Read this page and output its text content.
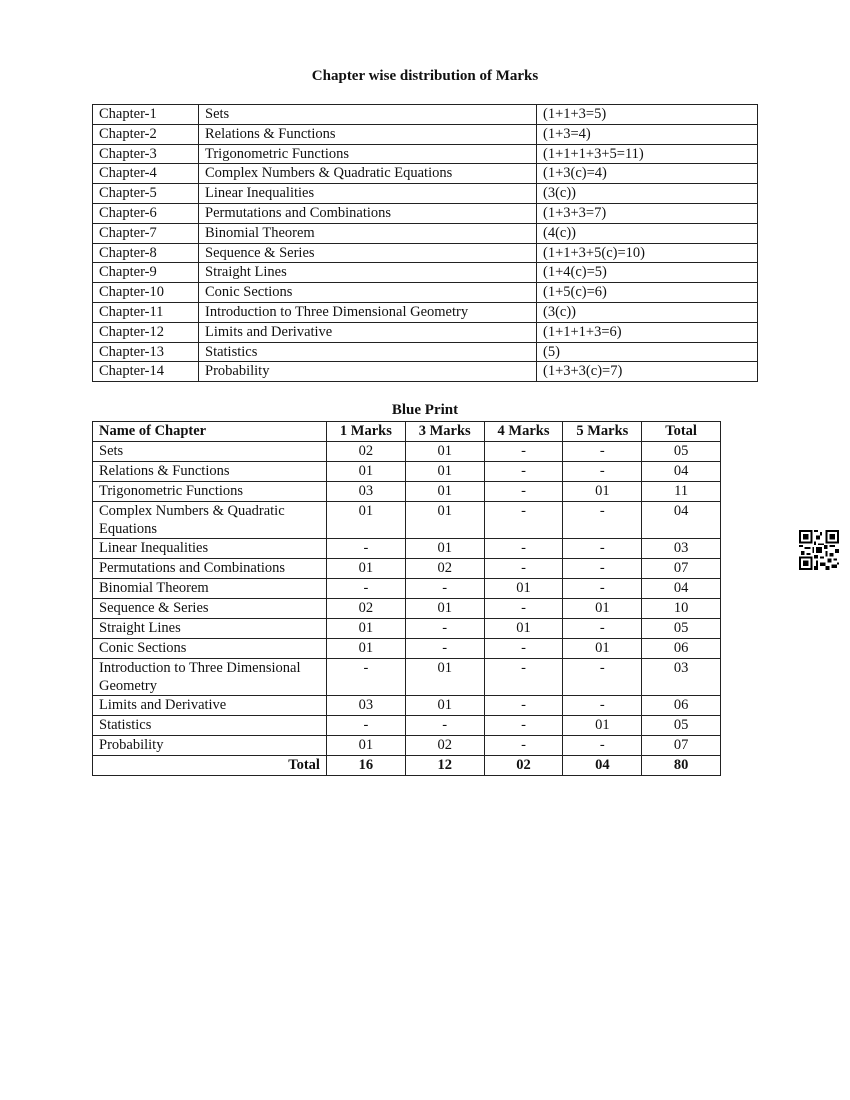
Chapter wise distribution of Marks
Chapter-1	Sets	(1+1+3=5)
Chapter-2	Relations & Functions	(1+3=4)
Chapter-3	Trigonometric Functions	(1+1+1+3+5=11)
Chapter-4	Complex Numbers & Quadratic Equations	(1+3(c)=4)
Chapter-5	Linear Inequalities	(3(c))
Chapter-6	Permutations and Combinations	(1+3+3=7)
Chapter-7	Binomial Theorem	(4(c))
Chapter-8	Sequence & Series	(1+1+3+5(c)=10)
Chapter-9	Straight Lines	(1+4(c)=5)
Chapter-10	Conic Sections	(1+5(c)=6)
Chapter-11	Introduction to Three Dimensional Geometry	(3(c))
Chapter-12	Limits and Derivative	(1+1+1+3=6)
Chapter-13	Statistics	(5)
Chapter-14	Probability	(1+3+3(c)=7)
Blue Print
Name of Chapter	1 Marks	3 Marks	4 Marks	5 Marks	Total
Sets	02	01	-	-	05
Relations & Functions	01	01	-	-	04
Trigonometric Functions	03	01	-	01	11
Complex Numbers & Quadratic Equations	01	01	-	-	04
Linear Inequalities	-	01	-	-	03
Permutations and Combinations	01	02	-	-	07
Binomial Theorem	-	-	01	-	04
Sequence & Series	02	01	-	01	10
Straight Lines	01	-	01	-	05
Conic Sections	01	-	-	01	06
Introduction to Three Dimensional Geometry	-	01	-	-	03
Limits and Derivative	03	01	-	-	06
Statistics	-	-	-	01	05
Probability	01	02	-	-	07
Total	16	12	02	04	80
